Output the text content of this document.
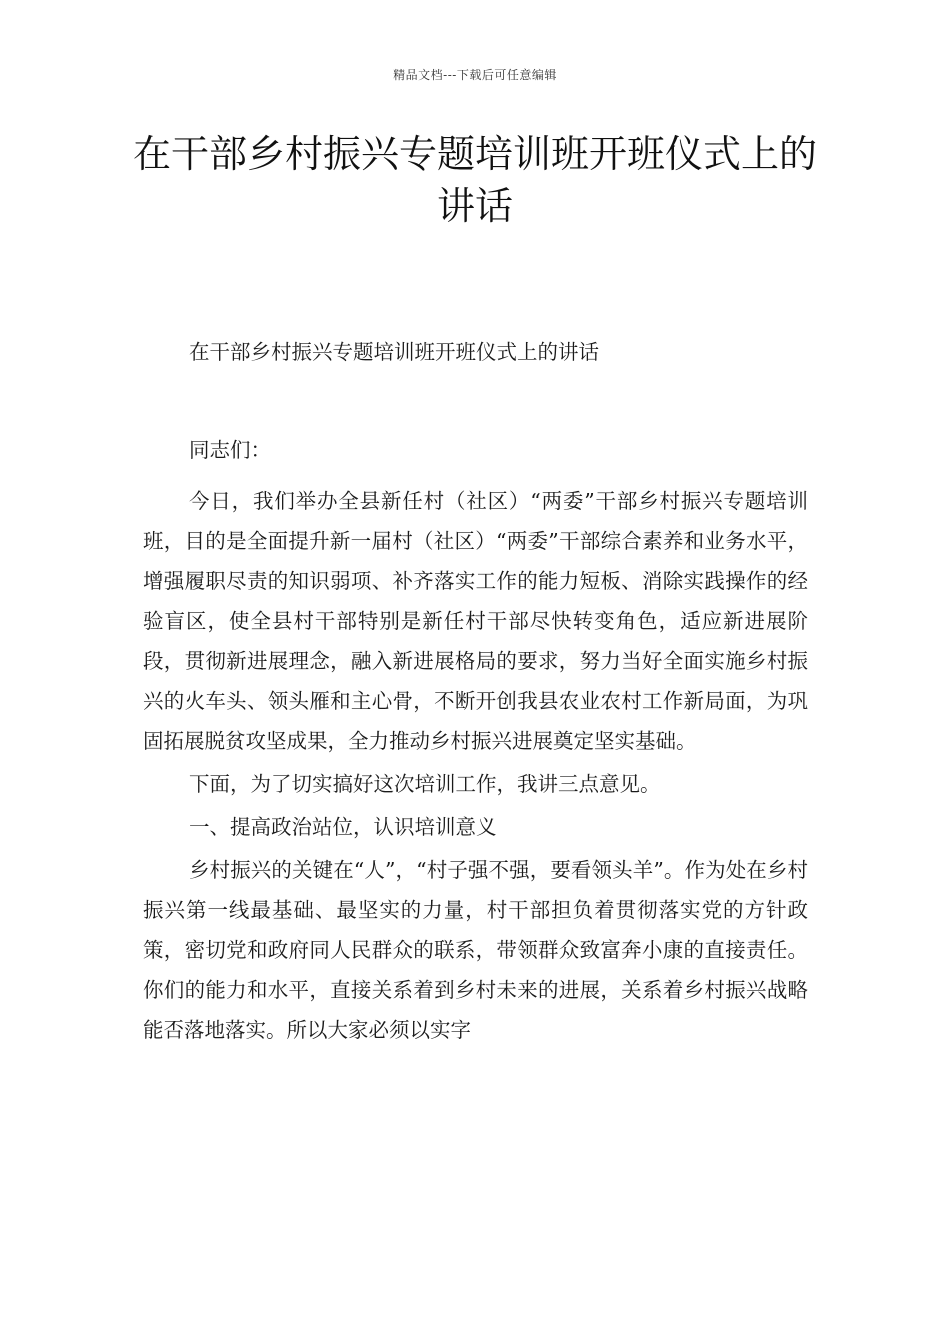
精品文档---下载后可任意编辑
在干部乡村振兴专题培训班开班仪式上的讲话

在干部乡村振兴专题培训班开班仪式上的讲话

同志们：

今日，我们举办全县新任村（社区）“两委”干部乡村振兴专题培训班，目的是全面提升新一届村（社区）“两委”干部综合素养和业务水平，增强履职尽责的知识弱项、补齐落实工作的能力短板、消除实践操作的经验盲区，使全县村干部特别是新任村干部尽快转变角色，适应新进展阶段，贯彻新进展理念，融入新进展格局的要求，努力当好全面实施乡村振兴的火车头、领头雁和主心骨，不断开创我县农业农村工作新局面，为巩固拓展脱贫攻坚成果，全力推动乡村振兴进展奠定坚实基础。

下面，为了切实搞好这次培训工作，我讲三点意见。

一、提高政治站位，认识培训意义

乡村振兴的关键在“人”，“村子强不强，要看领头羊”。作为处在乡村振兴第一线最基础、最坚实的力量，村干部担负着贯彻落实党的方针政策，密切党和政府同人民群众的联系，带领群众致富奔小康的直接责任。你们的能力和水平，直接关系着到乡村未来的进展，关系着乡村振兴战略能否落地落实。所以大家必须以实字
